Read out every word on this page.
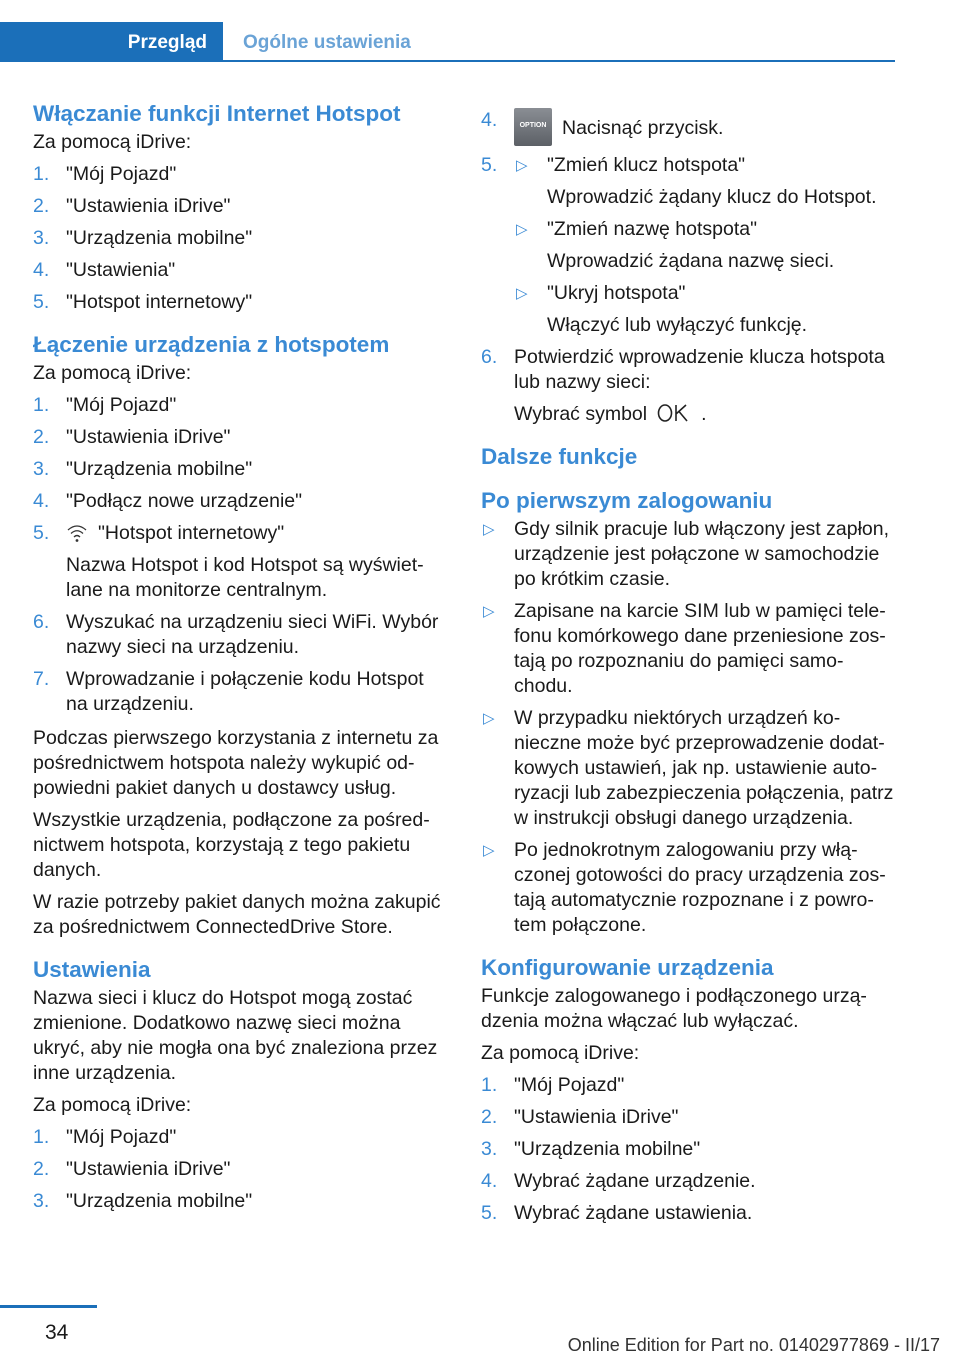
Przegląd Ogólne ustawienia
Włączanie funkcji Internet Hotspot

Za pomocą iDrive:

1. "Mój Pojazd"
2. "Ustawienia iDrive"
3. "Urządzenia mobilne"
4. "Ustawienia"
5. "Hotspot internetowy"
Łączenie urządzenia z hotspotem

Za pomocą iDrive:

1. "Mój Pojazd"
2. "Ustawienia iDrive"
3. "Urządzenia mobilne"
4. "Podłącz nowe urządzenie"
5. "Hotspot internetowy"
Nazwa Hotspot i kod Hotspot są wyświet‐lane na monitorze centralnym.
6. Wyszukać na urządzeniu sieci WiFi. Wybór nazwy sieci na urządzeniu.
7. Wprowadzanie i połączenie kodu Hotspot na urządzeniu.

Podczas pierwszego korzystania z internetu za pośrednictwem hotspota należy wykupić od‐powiedni pakiet danych u dostawcy usług.

Wszystkie urządzenia, podłączone za pośred‐nictwem hotspota, korzystają z tego pakietu danych.

W razie potrzeby pakiet danych można zakupić za pośrednictwem ConnectedDrive Store.

Ustawienia

Nazwa sieci i klucz do Hotspot mogą zostać zmienione. Dodatkowo nazwę sieci można ukryć, aby nie mogła ona być znaleziona przez inne urządzenia.

Za pomocą iDrive:

1. "Mój Pojazd"
2. "Ustawienia iDrive"
3. "Urządzenia mobilne"
4.	OPTION Nacisnąć przycisk.
5. ▷ "Zmień klucz hotspota"
Wprowadzić żądany klucz do Hotspot.
▷ "Zmień nazwę hotspota"
Wprowadzić żądana nazwę sieci.
▷ "Ukryj hotspota"
Włączyć lub wyłączyć funkcję.
6. Potwierdzić wprowadzenie klucza hotspota lub nazwy sieci:
Wybrać symbol	.
Dalsze funkcje
Po pierwszym zalogowaniu
▷ Gdy silnik pracuje lub włączony jest zapłon, urządzenie jest połączone w samochodzie po krótkim czasie.
▷ Zapisane na karcie SIM lub w pamięci tele‐fonu komórkowego dane przeniesione zos‐tają po rozpoznaniu do pamięci samo‐chodu.
▷ W przypadku niektórych urządzeń ko‐nieczne może być przeprowadzenie dodat‐kowych ustawień, jak np. ustawienie auto‐ryzacji lub zabezpieczenia połączenia, patrz w instrukcji obsługi danego urządzenia.
▷ Po jednokrotnym zalogowaniu przy włą‐czonej gotowości do pracy urządzenia zos‐tają automatycznie rozpoznane i z powro‐tem połączone.
Konfigurowanie urządzenia

Funkcje zalogowanego i podłączonego urzą‐dzenia można włączać lub wyłączać.

Za pomocą iDrive:

1. "Mój Pojazd"
2. "Ustawienia iDrive"
3. "Urządzenia mobilne"
4. Wybrać żądane urządzenie.
5. Wybrać żądane ustawienia.
34
Online Edition for Part no. 01402977869 - II/17
